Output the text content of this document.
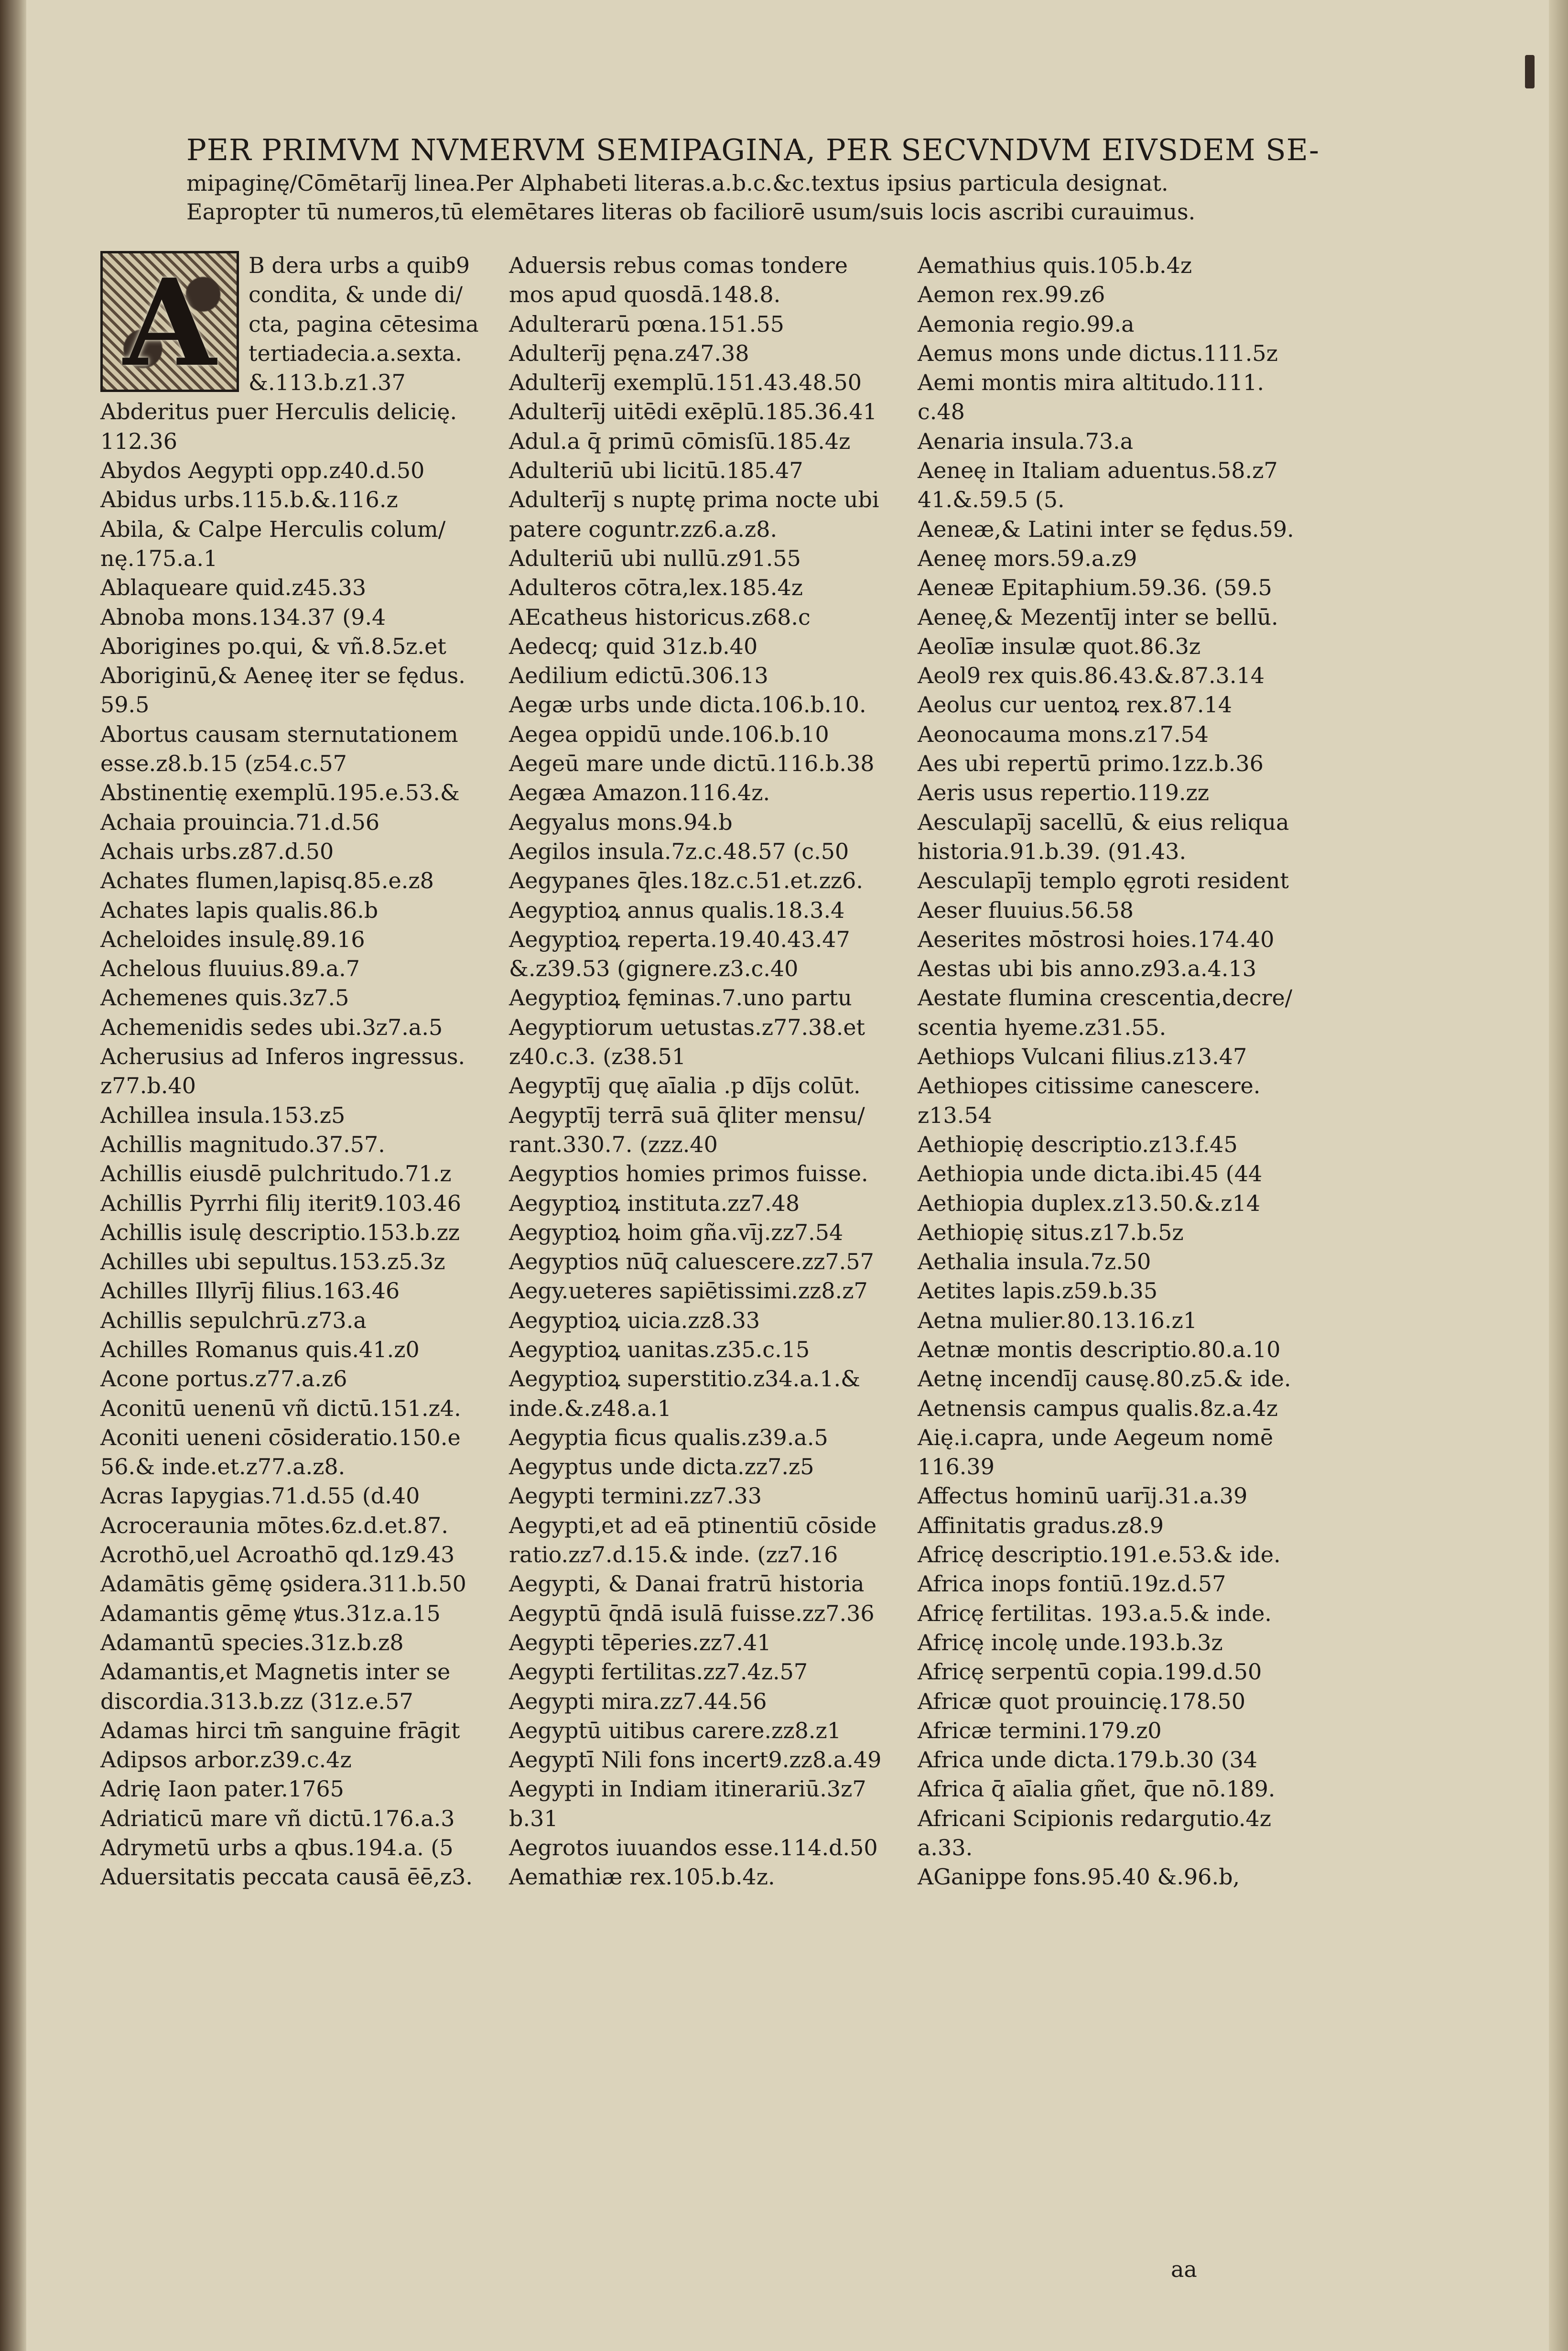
PER PRIMVM NVMERVM SEMIPAGINA, PER SECVNDVM EIVSDEM SE-
mipaginę/Cōmētarīj linea.Per Alphabeti literas.a.b.c.&c.textus ipsius particula designat.
Eapropter tū numeros,tū elemētares literas ob faciliorē usum/suis locis ascribi curauimus.
A	B dera urbs a quib9
condita, & unde di/
cta, pagina cētesima
tertiadecia.a.sexta.
&.113.b.z1.37
Abderitus puer Herculis delicię.
112.36
Abydos Aegypti opp.z40.d.50
Abidus urbs.115.b.&.116.z
Abila, & Calpe Herculis colum/
nę.175.a.1
Ablaqueare quid.z45.33
Abnoba mons.134.37 (9.4
Aborigines po.qui, & vñ.8.5z.et
Aboriginū,& Aeneę iter se fędus.
59.5
Abortus causam sternutationem
esse.z8.b.15 (z54.c.57
Abstinentię exemplū.195.e.53.&
Achaia prouincia.71.d.56
Achais urbs.z87.d.50
Achates flumen,lapisq.85.e.z8
Achates lapis qualis.86.b
Acheloides insulę.89.16
Achelous fluuius.89.a.7
Achemenes quis.3z7.5
Achemenidis sedes ubi.3z7.a.5
Acherusius ad Inferos ingressus.
z77.b.40
Achillea insula.153.z5
Achillis magnitudo.37.57.
Achillis eiusdē pulchritudo.71.z
Achillis Pyrrhi filiȷ iterit9.103.46
Achillis isulę descriptio.153.b.zz
Achilles ubi sepultus.153.z5.3z
Achilles Illyrīj filius.163.46
Achillis sepulchrū.z73.a
Achilles Romanus quis.41.z0
Acone portus.z77.a.z6
Aconitū uenenū vñ dictū.151.z4.
Aconiti ueneni cōsideratio.150.e
56.& inde.et.z77.a.z8.
Acras Iapygias.71.d.55 (d.40
Acroceraunia mōtes.6z.d.et.87.
Acrothō,uel Acroathō qd.1z9.43
Adamātis gēmę ꝯsidera.311.b.50
Adamantis gēmę ꝟtus.31z.a.15
Adamantū species.31z.b.z8
Adamantis,et Magnetis inter se
discordia.313.b.zz (31z.e.57
Adamas hirci tm̄ sanguine frāgit
Adipsos arbor.z39.c.4z
Adrię Iaon pater.1765
Adriaticū mare vñ dictū.176.a.3
Adrymetū urbs a qbus.194.a. (5
Aduersitatis peccata causā ēē,z3.
Aduersis rebus comas tondere
mos apud quosdā.148.8.
Adulterarū pœna.151.55
Adulterīj pęna.z47.38
Adulterīj exemplū.151.43.48.50
Adulterīj uitēdi exēplū.185.36.41
Adul.a q̄ primū cōmisſū.185.4z
Adulteriū ubi licitū.185.47
Adulterīj s nuptę prima nocte ubi
patere coguntr.zz6.a.z8.
Adulteriū ubi nullū.z91.55
Adulteros cōtra,lex.185.4z
AEcatheus historicus.z68.c
Aedecq; quid 31z.b.40
Aedilium edictū.306.13
Aegæ urbs unde dicta.106.b.10.
Aegea oppidū unde.106.b.10
Aegeū mare unde dictū.116.b.38
Aegæa Amazon.116.4z.
Aegyalus mons.94.b
Aegilos insula.7z.c.48.57 (c.50
Aegypanes q̄les.18z.c.51.et.zz6.
Aegyptioꝝ annus qualis.18.3.4
Aegyptioꝝ reperta.19.40.43.47
&.z39.53 (gignere.z3.c.40
Aegyptioꝝ fęminas.7.uno partu
Aegyptiorum uetustas.z77.38.et
z40.c.3. (z38.51
Aegyptīj quę aīalia .p dījs colūt.
Aegyptīj terrā suā q̄liter mensu/
rant.330.7. (zzz.40
Aegyptios homies primos fuisse.
Aegyptioꝝ instituta.zz7.48
Aegyptioꝝ hoim gña.vīj.zz7.54
Aegyptios nūq̄ caluescere.zz7.57
Aegy.ueteres sapiētissimi.zz8.z7
Aegyptioꝝ uicia.zz8.33
Aegyptioꝝ uanitas.z35.c.15
Aegyptioꝝ superstitio.z34.a.1.&
inde.&.z48.a.1
Aegyptia ficus qualis.z39.a.5
Aegyptus unde dicta.zz7.z5
Aegypti termini.zz7.33
Aegypti,et ad eā ptinentiū cōside
ratio.zz7.d.15.& inde. (zz7.16
Aegypti, & Danai fratrū historia
Aegyptū q̄ndā isulā fuisse.zz7.36
Aegypti tēperies.zz7.41
Aegypti fertilitas.zz7.4z.57
Aegypti mira.zz7.44.56
Aegyptū uitibus carere.zz8.z1
Aegyptī Nili fons incert9.zz8.a.49
Aegypti in Indiam itinerariū.3z7
b.31
Aegrotos iuuandos esse.114.d.50
Aemathiæ rex.105.b.4z.
Aemathius quis.105.b.4z
Aemon rex.99.z6
Aemonia regio.99.a
Aemus mons unde dictus.111.5z
Aemi montis mira altitudo.111.
c.48
Aenaria insula.73.a
Aeneę in Italiam aduentus.58.z7
41.&.59.5 (5.
Aeneæ,& Latini inter se fędus.59.
Aeneę mors.59.a.z9
Aeneæ Epitaphium.59.36. (59.5
Aeneę,& Mezentīj inter se bellū.
Aeolīæ insulæ quot.86.3z
Aeol9 rex quis.86.43.&.87.3.14
Aeolus cur uentoꝝ rex.87.14
Aeonocauma mons.z17.54
Aes ubi repertū primo.1zz.b.36
Aeris usus repertio.119.zz
Aesculapīj sacellū, & eius reliqua
historia.91.b.39. (91.43.
Aesculapīj templo ęgroti resident
Aeser fluuius.56.58
Aeserites mōstrosi hoies.174.40
Aestas ubi bis anno.z93.a.4.13
Aestate flumina crescentia,decre/
scentia hyeme.z31.55.
Aethiops Vulcani filius.z13.47
Aethiopes citissime canescere.
z13.54
Aethiopię descriptio.z13.f.45
Aethiopia unde dicta.ibi.45 (44
Aethiopia duplex.z13.50.&.z14
Aethiopię situs.z17.b.5z
Aethalia insula.7z.50
Aetites lapis.z59.b.35
Aetna mulier.80.13.16.z1
Aetnæ montis descriptio.80.a.10
Aetnę incendīj causę.80.z5.& ide.
Aetnensis campus qualis.8z.a.4z
Aię.i.capra, unde Aegeum nomē
116.39
Affectus hominū uarīj.31.a.39
Affinitatis gradus.z8.9
Africę descriptio.191.e.53.& ide.
Africa inops fontiū.19z.d.57
Africę fertilitas. 193.a.5.& inde.
Africę incolę unde.193.b.3z
Africę serpentū copia.199.d.50
Africæ quot prouincię.178.50
Africæ termini.179.z0
Africa unde dicta.179.b.30 (34
Africa q̄ aīalia gñet, q̄ue nō.189.
Africani Scipionis redargutio.4z
a.33.
AGanippe fons.95.40 &.96.b,
aa
